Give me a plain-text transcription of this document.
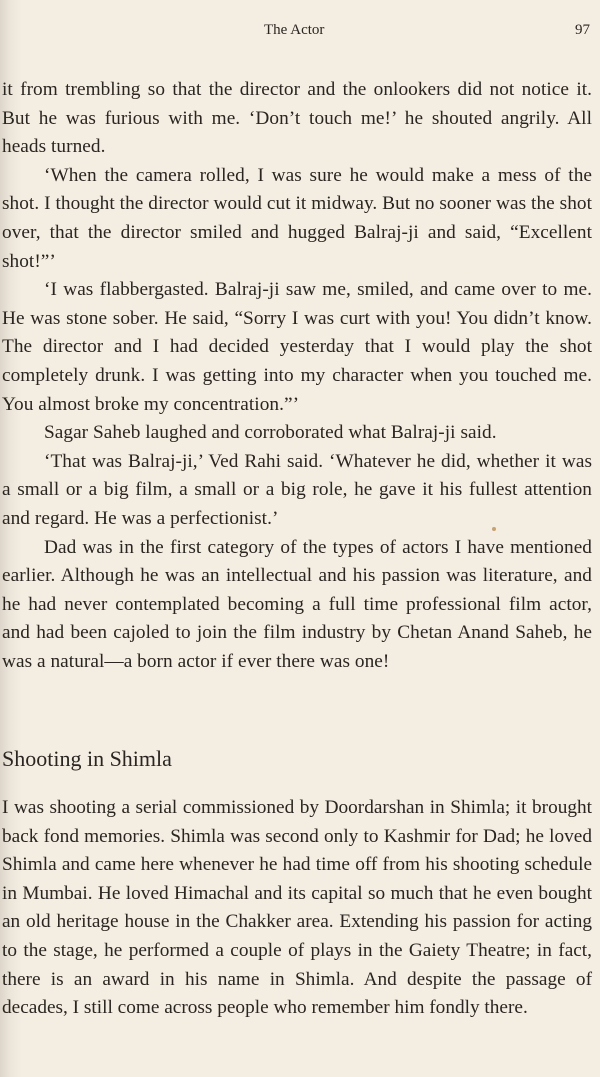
The Actor	97

it from trembling so that the director and the onlookers did not notice it. But he was furious with me. ‘Don’t touch me!’ he shouted angrily. All heads turned.

‘When the camera rolled, I was sure he would make a mess of the shot. I thought the director would cut it midway. But no sooner was the shot over, that the director smiled and hugged Balraj-ji and said, “Excellent shot!”’

‘I was flabbergasted. Balraj-ji saw me, smiled, and came over to me. He was stone sober. He said, “Sorry I was curt with you! You didn’t know. The director and I had decided yesterday that I would play the shot completely drunk. I was getting into my character when you touched me. You almost broke my concentration.”’

Sagar Saheb laughed and corroborated what Balraj-ji said.

‘That was Balraj-ji,’ Ved Rahi said. ‘Whatever he did, whether it was a small or a big film, a small or a big role, he gave it his fullest attention and regard. He was a perfectionist.’

Dad was in the first category of the types of actors I have mentioned earlier. Although he was an intellectual and his passion was literature, and he had never contemplated becoming a full time professional film actor, and had been cajoled to join the film industry by Chetan Anand Saheb, he was a natural—a born actor if ever there was one!

Shooting in Shimla

I was shooting a serial commissioned by Doordarshan in Shimla; it brought back fond memories. Shimla was second only to Kashmir for Dad; he loved Shimla and came here whenever he had time off from his shooting schedule in Mumbai. He loved Himachal and its capital so much that he even bought an old heritage house in the Chakker area. Extending his passion for acting to the stage, he performed a couple of plays in the Gaiety Theatre; in fact, there is an award in his name in Shimla. And despite the passage of decades, I still come across people who remember him fondly there.
